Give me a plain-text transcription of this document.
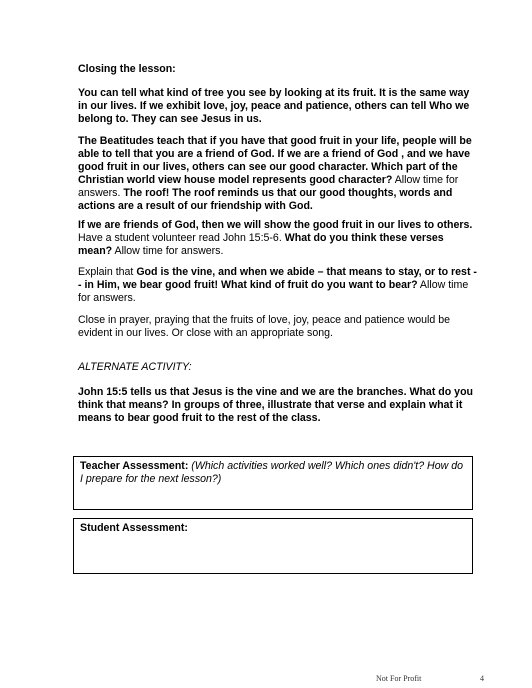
Closing the lesson:

You can tell what kind of tree you see by looking at its fruit. It is the same way in our lives. If we exhibit love, joy, peace and patience, others can tell Who we belong to. They can see Jesus in us.

The Beatitudes teach that if you have that good fruit in your life, people will be able to tell that you are a friend of God. If we are a friend of God , and we have good fruit in our lives, others can see our good character. Which part of the Christian world view house model represents good character? Allow time for answers. The roof! The roof reminds us that our good thoughts, words and actions are a result of our friendship with God.

If we are friends of God, then we will show the good fruit in our lives to others. Have a student volunteer read John 15:5-6. What do you think these verses mean? Allow time for answers.

Explain that God is the vine, and when we abide – that means to stay, or to rest -- in Him, we bear good fruit! What kind of fruit do you want to bear? Allow time for answers.

Close in prayer, praying that the fruits of love, joy, peace and patience would be evident in our lives. Or close with an appropriate song.

ALTERNATE ACTIVITY:

John 15:5 tells us that Jesus is the vine and we are the branches. What do you think that means? In groups of three, illustrate that verse and explain what it means to bear good fruit to the rest of the class.

Teacher Assessment: (Which activities worked well? Which ones didn't? How do I prepare for the next lesson?)
Student Assessment:
Not For Profit	4
